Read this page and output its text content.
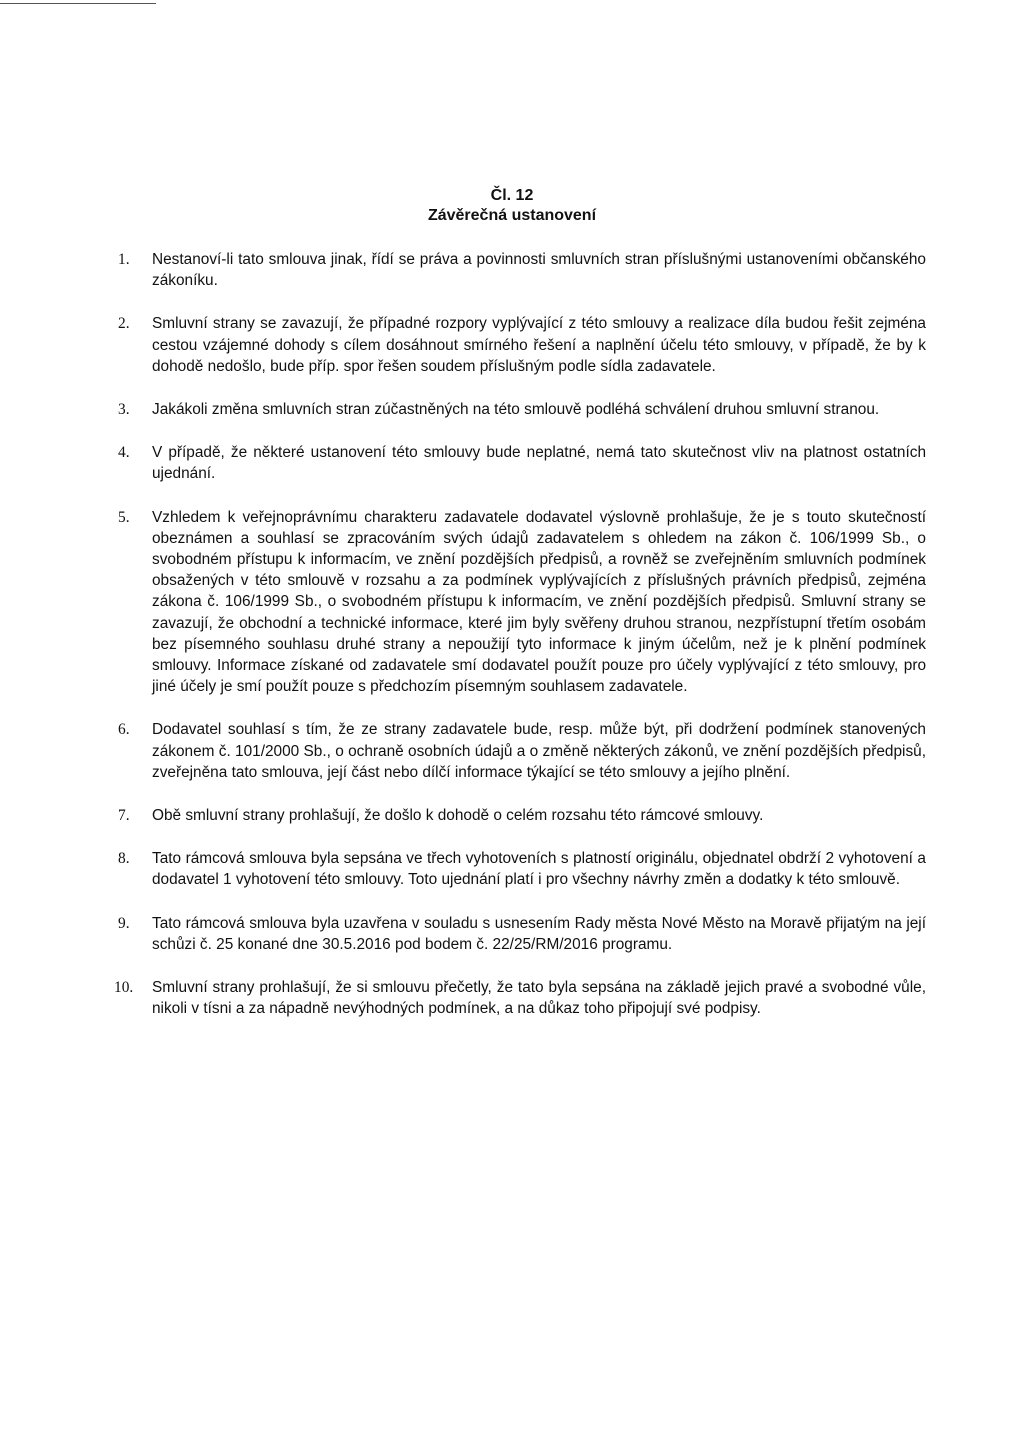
Čl. 12
Závěrečná ustanovení
1. Nestanoví-li tato smlouva jinak, řídí se práva a povinnosti smluvních stran příslušnými ustanoveními občanského zákoníku.
2. Smluvní strany se zavazují, že případné rozpory vyplývající z této smlouvy a realizace díla budou řešit zejména cestou vzájemné dohody s cílem dosáhnout smírného řešení a naplnění účelu této smlouvy, v případě, že by k dohodě nedošlo, bude příp. spor řešen soudem příslušným podle sídla zadavatele.
3. Jakákoli změna smluvních stran zúčastněných na této smlouvě podléhá schválení druhou smluvní stranou.
4. V případě, že některé ustanovení této smlouvy bude neplatné, nemá tato skutečnost vliv na platnost ostatních ujednání.
5. Vzhledem k veřejnoprávnímu charakteru zadavatele dodavatel výslovně prohlašuje, že je s touto skutečností obeznámen a souhlasí se zpracováním svých údajů zadavatelem s ohledem na zákon č. 106/1999 Sb., o svobodném přístupu k informacím, ve znění pozdějších předpisů, a rovněž se zveřejněním smluvních podmínek obsažených v této smlouvě v rozsahu a za podmínek vyplývajících z příslušných právních předpisů, zejména zákona č. 106/1999 Sb., o svobodném přístupu k informacím, ve znění pozdějších předpisů. Smluvní strany se zavazují, že obchodní a technické informace, které jim byly svěřeny druhou stranou, nezpřístupní třetím osobám bez písemného souhlasu druhé strany a nepoužijí tyto informace k jiným účelům, než je k plnění podmínek smlouvy. Informace získané od zadavatele smí dodavatel použít pouze pro účely vyplývající z této smlouvy, pro jiné účely je smí použít pouze s předchozím písemným souhlasem zadavatele.
6. Dodavatel souhlasí s tím, že ze strany zadavatele bude, resp. může být, při dodržení podmínek stanovených zákonem č. 101/2000 Sb., o ochraně osobních údajů a o změně některých zákonů, ve znění pozdějších předpisů, zveřejněna tato smlouva, její část nebo dílčí informace týkající se této smlouvy a jejího plnění.
7. Obě smluvní strany prohlašují, že došlo k dohodě o celém rozsahu této rámcové smlouvy.
8. Tato rámcová smlouva byla sepsána ve třech vyhotoveních s platností originálu, objednatel obdrží 2 vyhotovení a dodavatel 1 vyhotovení této smlouvy. Toto ujednání platí i pro všechny návrhy změn a dodatky k této smlouvě.
9. Tato rámcová smlouva byla uzavřena v souladu s usnesením Rady města Nové Město na Moravě přijatým na její schůzi č. 25 konané dne 30.5.2016 pod bodem č. 22/25/RM/2016 programu.
10. Smluvní strany prohlašují, že si smlouvu přečetly, že tato byla sepsána na základě jejich pravé a svobodné vůle, nikoli v tísni a za nápadně nevýhodných podmínek, a na důkaz toho připojují své podpisy.
